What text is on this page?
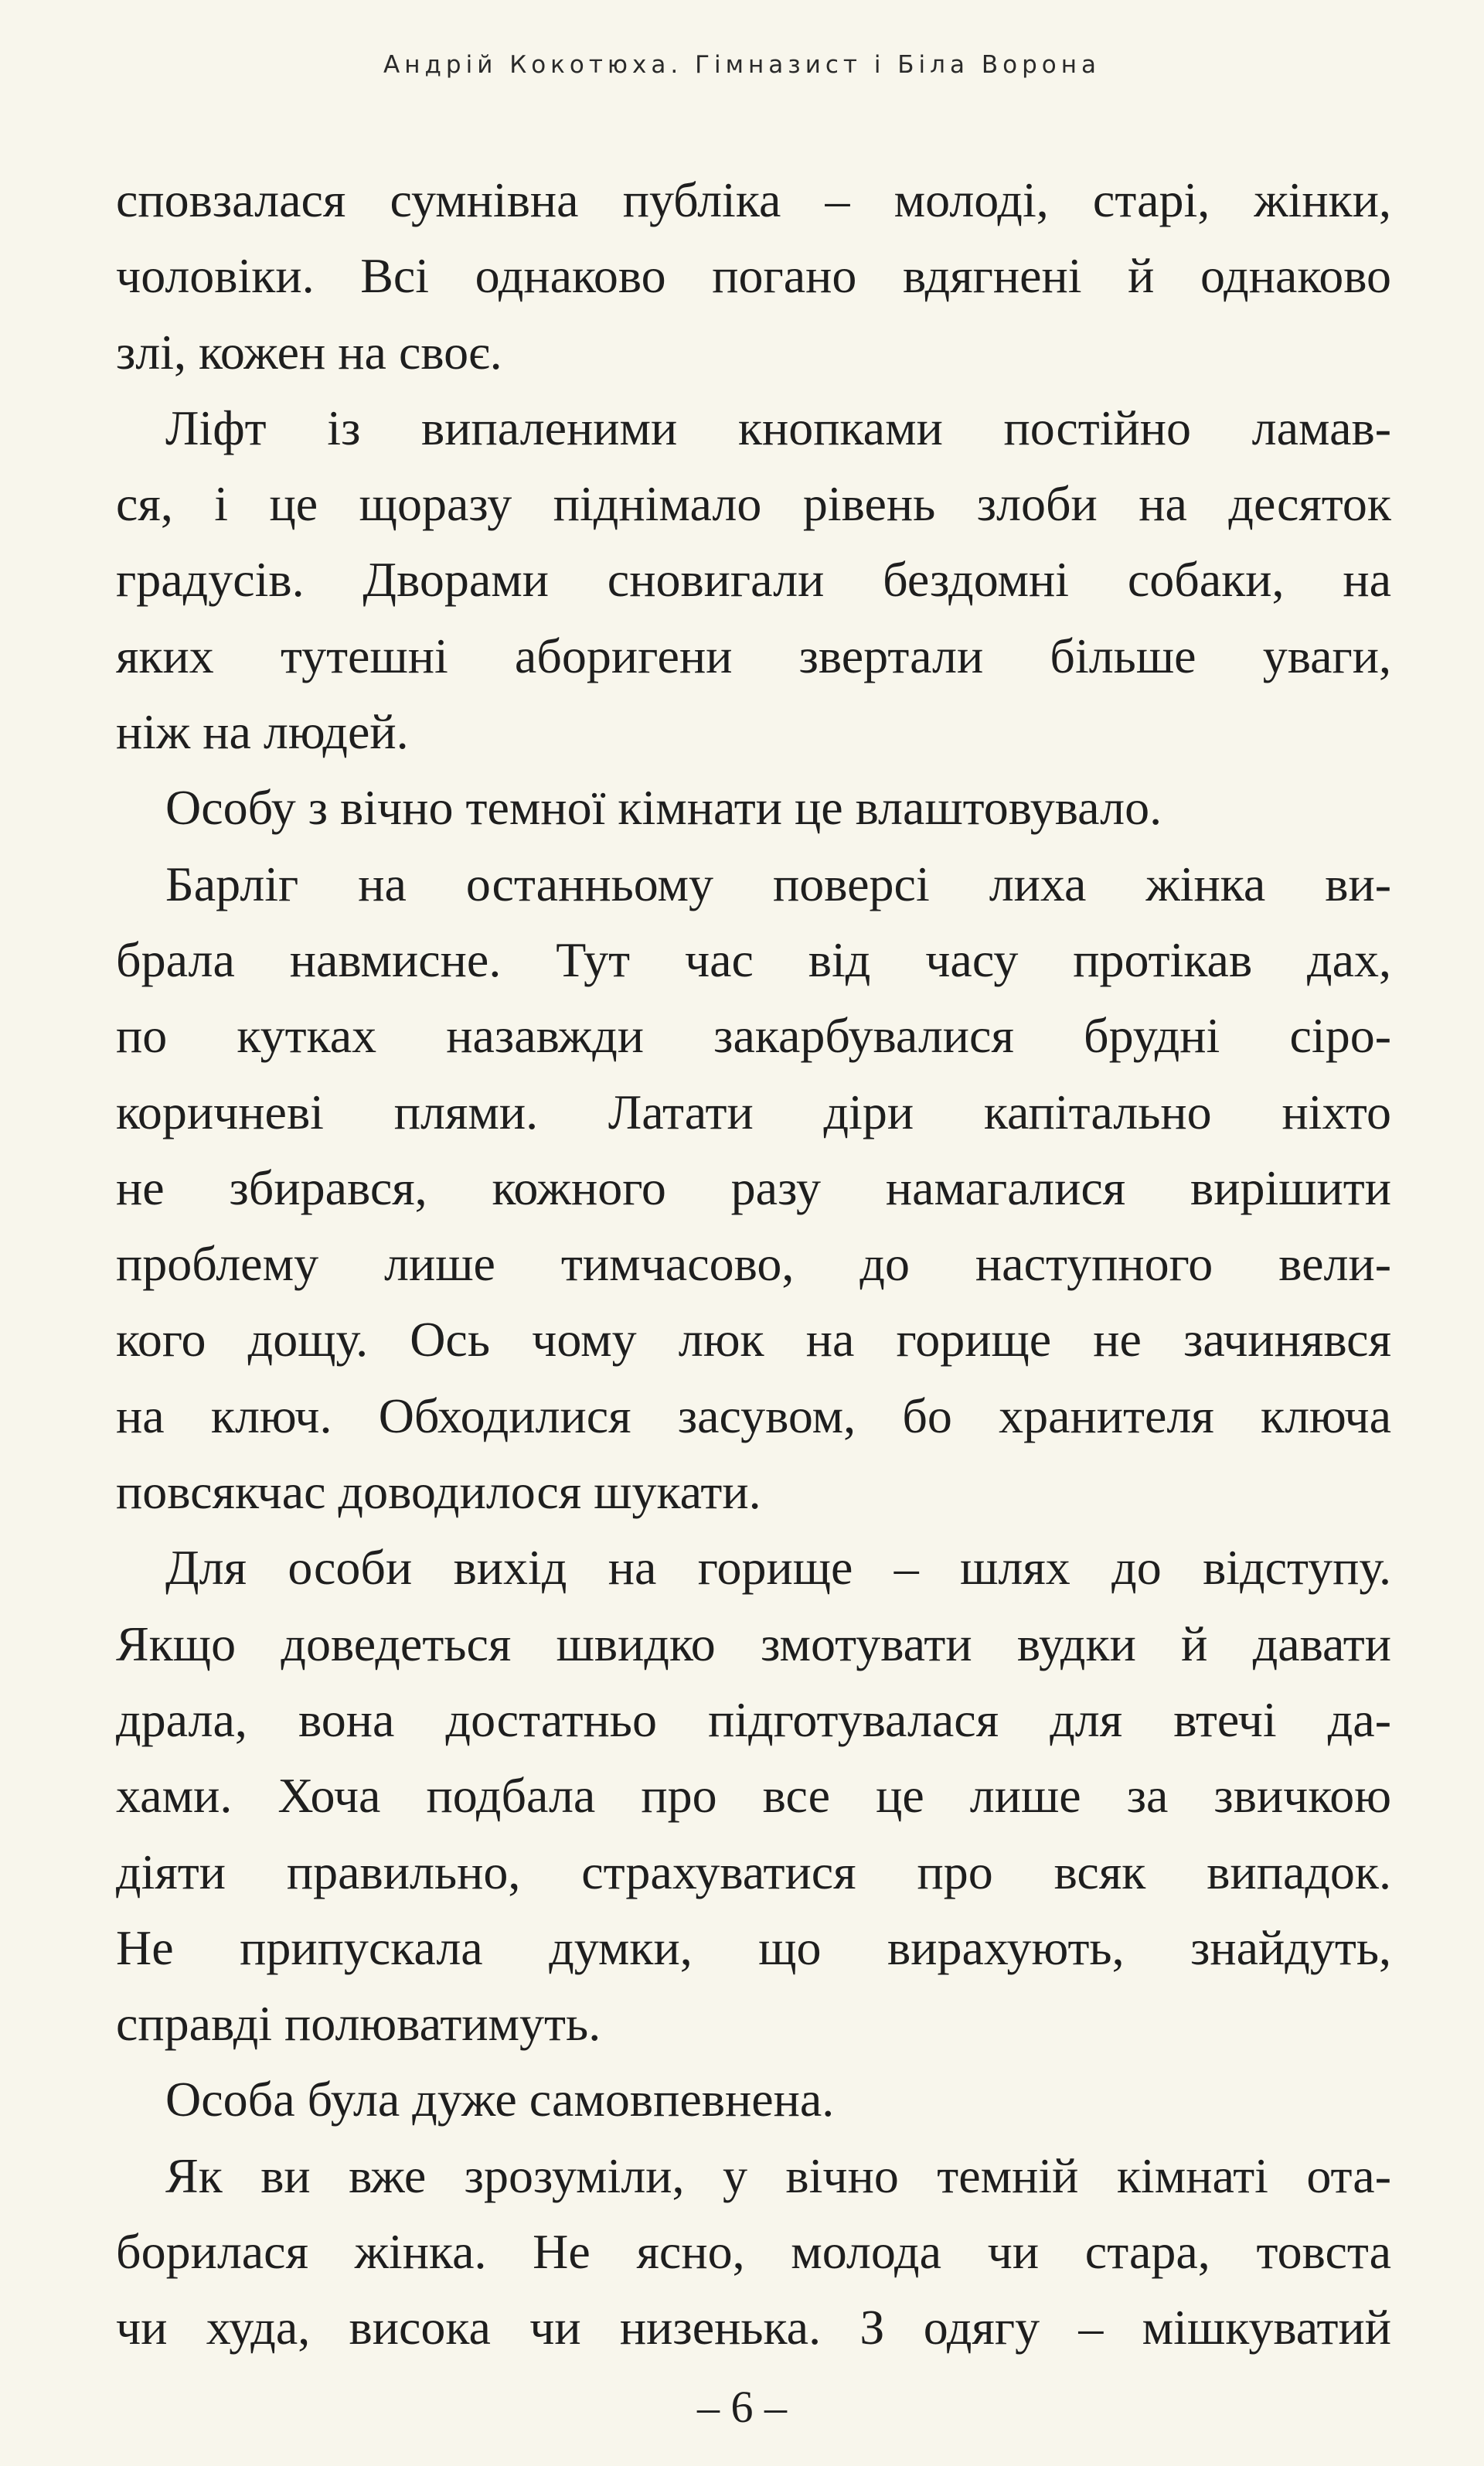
Андрій Кокотюха. Гімназист і Біла Ворона
сповзалася сумнівна публіка – молоді, старі, жінки,
чоловіки. Всі однаково погано вдягнені й однаково
злі, кожен на своє.
Ліфт із випаленими кнопками постійно ламав-
ся, і це щоразу піднімало рівень злоби на десяток
градусів. Дворами сновигали бездомні собаки, на
яких тутешні аборигени звертали більше уваги,
ніж на людей.
Особу з вічно темної кімнати це влаштовувало.
Барліг на останньому поверсі лиха жінка ви-
брала навмисне. Тут час від часу протікав дах,
по кутках назавжди закарбувалися брудні сіро-
коричневі плями. Латати діри капітально ніхто
не збирався, кожного разу намагалися вирішити
проблему лише тимчасово, до наступного вели-
кого дощу. Ось чому люк на горище не зачинявся
на ключ. Обходилися засувом, бо хранителя ключа
повсякчас доводилося шукати.
Для особи вихід на горище – шлях до відступу.
Якщо доведеться швидко змотувати вудки й давати
драла, вона достатньо підготувалася для втечі да-
хами. Хоча подбала про все це лише за звичкою
діяти правильно, страхуватися про всяк випадок.
Не припускала думки, що вирахують, знайдуть,
справді полюватимуть.
Особа була дуже самовпевнена.
Як ви вже зрозуміли, у вічно темній кімнаті ота-
борилася жінка. Не ясно, молода чи стара, товста
чи худа, висока чи низенька. З одягу – мішкуватий
– 6 –
